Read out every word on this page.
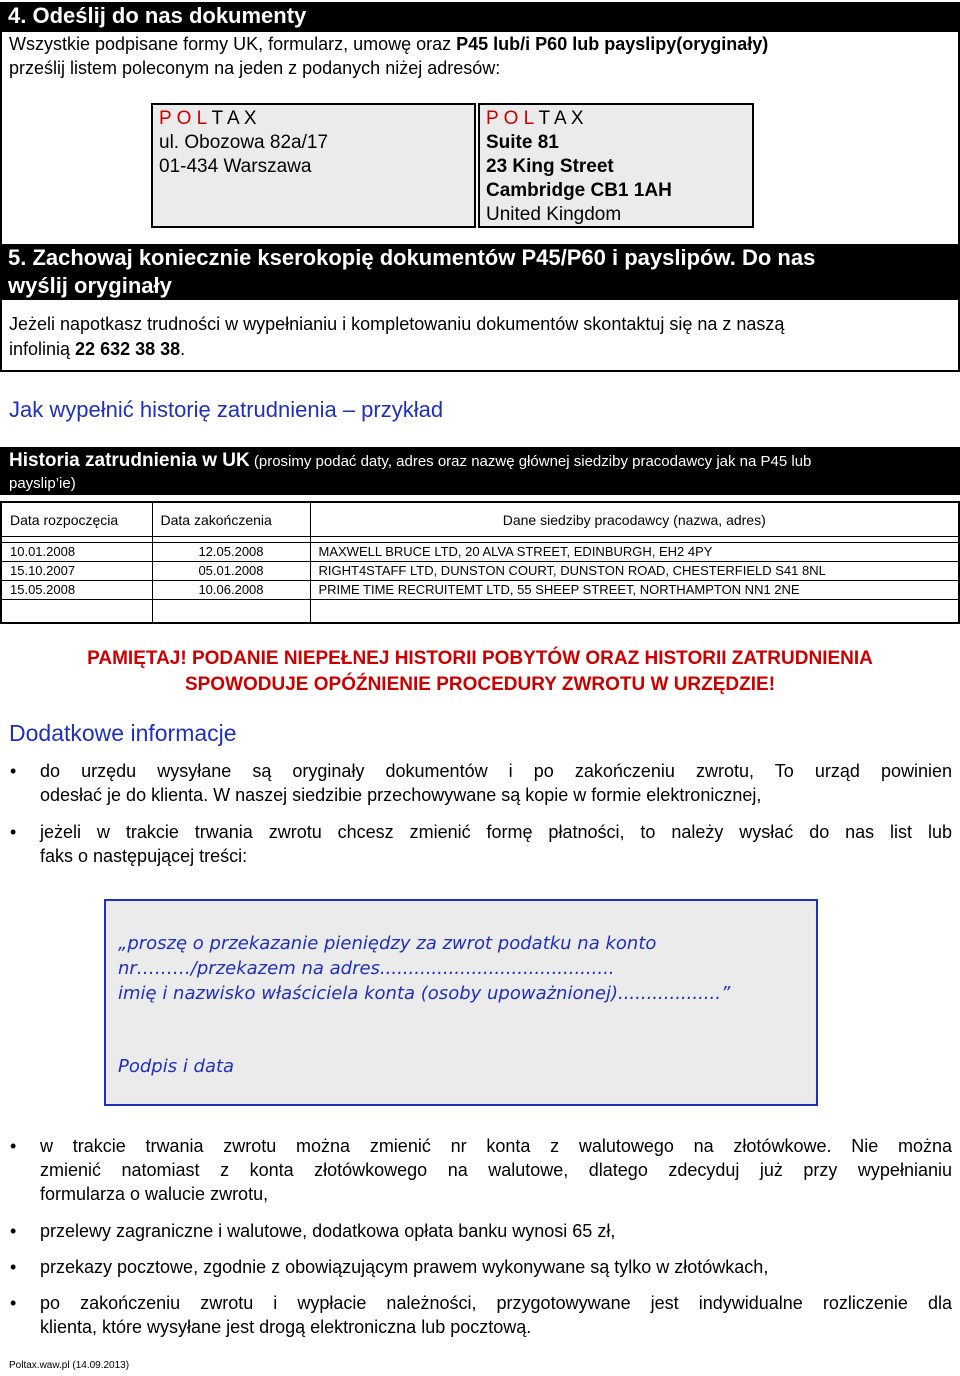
4. Odeślij do nas dokumenty
Wszystkie podpisane formy UK, formularz, umowę oraz P45 lub/i P60 lub payslipy(oryginały)
prześlij listem poleconym na jeden z podanych niżej adresów:
P O L T A X
ul. Obozowa 82a/17
01-434 Warszawa
P O L T A X
Suite 81
23 King Street
Cambridge CB1 1AH
United Kingdom
5. Zachowaj koniecznie kserokopię dokumentów P45/P60 i payslipów. Do nas
wyślij oryginały
Jeżeli napotkasz trudności w wypełnianiu i kompletowaniu dokumentów skontaktuj się na z naszą
infolinią 22 632 38 38.
Jak wypełnić historię zatrudnienia – przykład
Historia zatrudnienia w UK (prosimy podać daty, adres oraz nazwę głównej siedziby pracodawcy jak na P45 lub
payslip’ie)
Data rozpoczęcia	Data zakończenia	Dane siedziby pracodawcy (nazwa, adres)

10.01.2008	12.05.2008	MAXWELL BRUCE LTD, 20 ALVA STREET, EDINBURGH, EH2 4PY
15.10.2007	05.01.2008	RIGHT4STAFF LTD, DUNSTON COURT, DUNSTON ROAD, CHESTERFIELD S41 8NL
15.05.2008	10.06.2008	PRIME TIME RECRUITEMT LTD, 55 SHEEP STREET, NORTHAMPTON NN1 2NE

PAMIĘTAJ! PODANIE NIEPEŁNEJ HISTORII POBYTÓW ORAZ HISTORII ZATRUDNIENIA
SPOWODUJE OPÓŹNIENIE PROCEDURY ZWROTU W URZĘDZIE!
Dodatkowe informacje
• do urzędu wysyłane są oryginały dokumentów i po zakończeniu zwrotu, To urząd powinien
odesłać je do klienta. W naszej siedzibie przechowywane są kopie w formie elektronicznej,
• jeżeli w trakcie trwania zwrotu chcesz zmienić formę płatności, to należy wysłać do nas list lub
faks o następującej treści:
„proszę o przekazanie pieniędzy za zwrot podatku na konto
nr………/przekazem na adres.........................................
imię i nazwisko właściciela konta (osoby upoważnionej)..................”
Podpis i data
• w trakcie trwania zwrotu można zmienić nr konta z walutowego na złotówkowe. Nie można
zmienić natomiast z konta złotówkowego na walutowe, dlatego zdecyduj już przy wypełnianiu
formularza o walucie zwrotu,
• przelewy zagraniczne i walutowe, dodatkowa opłata banku wynosi 65 zł,
• przekazy pocztowe, zgodnie z obowiązującym prawem wykonywane są tylko w złotówkach,
• po zakończeniu zwrotu i wypłacie należności, przygotowywane jest indywidualne rozliczenie dla
klienta, które wysyłane jest drogą elektroniczna lub pocztową.
Poltax.waw.pl (14.09.2013)
